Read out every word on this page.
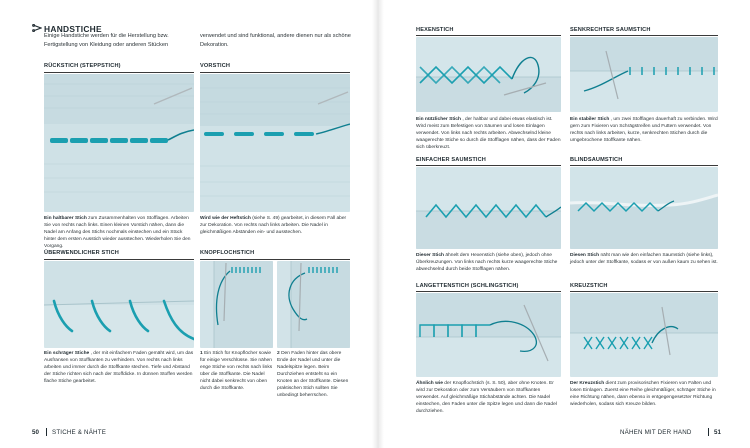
HANDSTICHE
Einige Handstiche werden für die Herstellung bzw. Fertigstellung von Kleidung oder anderen Stücken
verwendet und sind funktional, andere dienen nur als schöne Dekoration.
RÜCKSTICH (STEPPSTICH)
Ein haltbarer Stich zum Zusammenhalten von Stofflagen. Arbeiten Sie von rechts nach links. Einen kleinen Vorstich nähen, dann die Nadel am Anfang des Stichs nochmals einstechen und ein Stück hinter dem ersten Ausstich wieder ausstechen. Wiederholen Sie den Vorgang.
VORSTICH
Wird wie der Heftstich (siehe S. 49) gearbeitet, in diesem Fall aber zur Dekoration. Von rechts nach links arbeiten. Die Nadel in gleichmäßigen Abständen ein- und ausstechen.
ÜBERWENDLICHER STICH
Ein schräger Stiche , der mit einfachem Faden gemäht wird, um das Ausfransen von Stoffkanten zu verhindern. Von rechts nach links arbeiten und immer durch die Stoffkante stechen. Tiefe und Abstand der Stiche richten sich nach der Stoffdicke. In dünnen Stoffen werden flache Stiche gearbeitet.
KNOPFLOCHSTICH
1 Ein Stich für Knopflöcher sowie für einige Verschlüsse. Sie nähen enge Stiche von rechts nach links über die Stoffkante. Die Nadel nicht dabei senkrecht von oben durch die Stoffkante.
2 Den Faden hinter das obere Ende der Nadel und unter die Nadelspitze legen. Beim Durchziehen entsteht so ein Knoten an der Stoffkante. Diesen praktischen Stich sollten Sie unbedingt beherrschen.
HEXENSTICH
Ein nützlicher Stich , der haltbar und dabei etwas elastisch ist. Wird meist zum Befestigen von Säumen und losen Einlagen verwendet. Von links nach rechts arbeiten. Abwechselnd kleine waagerechte Stiche so durch die Stofflagen nähen, dass der Faden sich überkreuzt.
SENKRECHTER SAUMSTICH
Ein stabiler Stich , um zwei Stofflagen dauerhaft zu verbinden. Wird gern zum Fixieren von Schrägstreifen und Futtern verwendet. Von rechts nach links arbeiten, kurze, senkrechten Stichen durch die umgebrochene Stoffkante nähen.
EINFACHER SAUMSTICH
Dieser Stich ähnelt dem Hexenstich (siehe oben), jedoch ohne Überkreuzungen. Von links nach rechts kurze waagerechte Stiche abwechselnd durch beide Stofflagen nähen.
BLINDSAUMSTICH
Diesen Stich näht man wie den einfachen Saumstich (siehe links), jedoch unter der Stoffkante, sodass er von außen kaum zu sehen ist.
LANGETTENSTICH (SCHLINGSTICH)
Ähnlich wie der Knopflochstich (s. S. 50), aber ohne Knoten. Er wird zur Dekoration oder zum Versäubern von Stoffkanten verwendet. Auf gleichmäßige Stichabstände achten. Die Nadel einstechen, den Faden unter die Spitze legen und dann die Nadel durchziehen.
KREUZSTICH
Der Kreuzstich dient zum provisorischen Fixieren von Falten und losen Einlagen. Zuerst eine Reihe gleichmäßiger, schräger Stiche in eine Richtung nähen, dann ebenso in entgegengesetzter Richtung wiederholen, sodass sich Kreuze bilden.
50 STICHE & NÄHTE	NÄHEN MIT DER HAND	51
